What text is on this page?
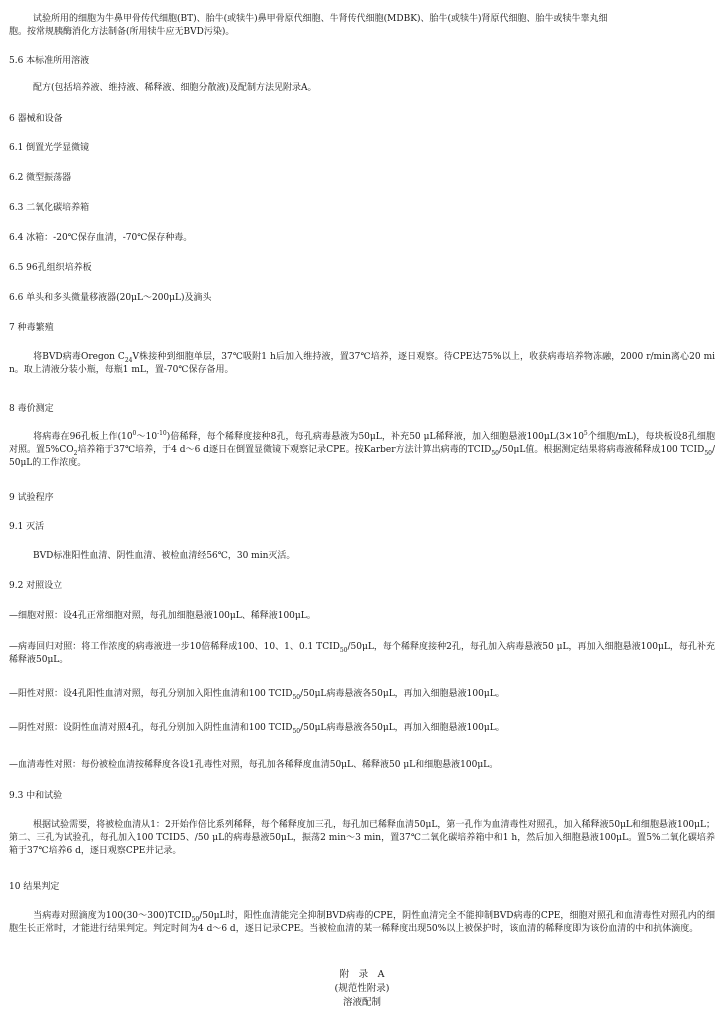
试验所用的细胞为牛鼻甲骨传代细胞(BT)、胎牛(或犊牛)鼻甲骨原代细胞、牛肾传代细胞(MDBK)、胎牛(或犊牛)肾原代细胞、胎牛或犊牛睾丸细
胞。按常规胰酶消化方法制备(所用犊牛应无BVD污染)。

5.6 本标准所用溶液

配方(包括培养液、维持液、稀释液、细胞分散液)及配制方法见附录A。

6 器械和设备

6.1 倒置光学显微镜

6.2 微型振荡器

6.3 二氧化碳培养箱

6.4 冰箱：-20℃保存血清，-70℃保存种毒。

6.5 96孔组织培养板

6.6 单头和多头微量移液器(20μL～200μL)及滴头

7 种毒繁殖

将BVD病毒Oregon $C_{24}V$株接种到细胞单层，37℃吸附1 h后加入维持液，置37℃培养，逐日观察。待CPE达75%以上，收获病毒培养物冻融，2000 r/min离心20 min。取上清液分装小瓶，每瓶1 mL，置-70℃保存备用。

8 毒价测定

将病毒在96孔板上作$(10^0\sim 10^{-10})$倍稀释，每个稀释度接种8孔，每孔病毒悬液为50μL，补充50 μL稀释液，加入细胞悬液$100\mu L(3\times 10^5$个细胞/mL)，每块板设8孔细胞对照。置$5\%CO_2$培养箱于37℃培养，于4 d～6 d逐日在倒置显微镜下观察记录CPE。按Karber方法计算出病毒的$TCID_{50}/50\mu L$值。根据测定结果将病毒液稀释成100 $TCID_{50}/50\mu L$的工作浓度。

9 试验程序

9.1 灭活

BVD标准阳性血清、阴性血清、被检血清经56℃，30 min灭活。

9.2 对照设立

—细胞对照：设4孔正常细胞对照，每孔加细胞悬液100μL、稀释液100μL。

—病毒回归对照：将工作浓度的病毒液进一步10倍稀释成100、10、1、0.1 $TCID_{50}/50\mu L$，每个稀释度接种2孔，每孔加入病毒悬液50 μL，再加入细胞悬液100μL，每孔补充稀释液50μL。

—阳性对照：设4孔阳性血清对照，每孔分别加入阳性血清和100 $TCID_{50}/50\mu L$病毒悬液各50μL，再加入细胞悬液100μL。

—阴性对照：设阴性血清对照4孔，每孔分别加入阴性血清和100 $TCID_{50}/50\mu L$病毒悬液各50μL，再加入细胞悬液100μL。

—血清毒性对照：每份被检血清按稀释度各设1孔毒性对照，每孔加各稀释度血清50μL、稀释液50 μL和细胞悬液100μL。

9.3 中和试验

根据试验需要，将被检血清从1：2开始作倍比系列稀释，每个稀释度加三孔，每孔加已稀释血清50μL，第一孔作为血清毒性对照孔，加入稀释液50μL和细胞悬液100μL；第二、三孔为试验孔，每孔加入100 TCID5、/50 μL的病毒悬液50μL，振荡2 min～3 min，置37℃二氧化碳培养箱中和1 h，然后加入细胞悬液100μL。置5%二氧化碳培养箱于37℃培养6 d，逐日观察CPE并记录。

10 结果判定

当病毒对照滴度为$100(30\sim 300)TCID_{50}/50\mu L$时，阳性血清能完全抑制BVD病毒的CPE，阴性血清完全不能抑制BVD病毒的CPE，细胞对照孔和血清毒性对照孔内的细胞生长正常时，才能进行结果判定。判定时间为4 d～6 d，逐日记录CPE。当被检血清的某一稀释度出现50%以上被保护时，该血清的稀释度即为该份血清的中和抗体滴度。

附　录　A

(规范性附录)

溶液配制
